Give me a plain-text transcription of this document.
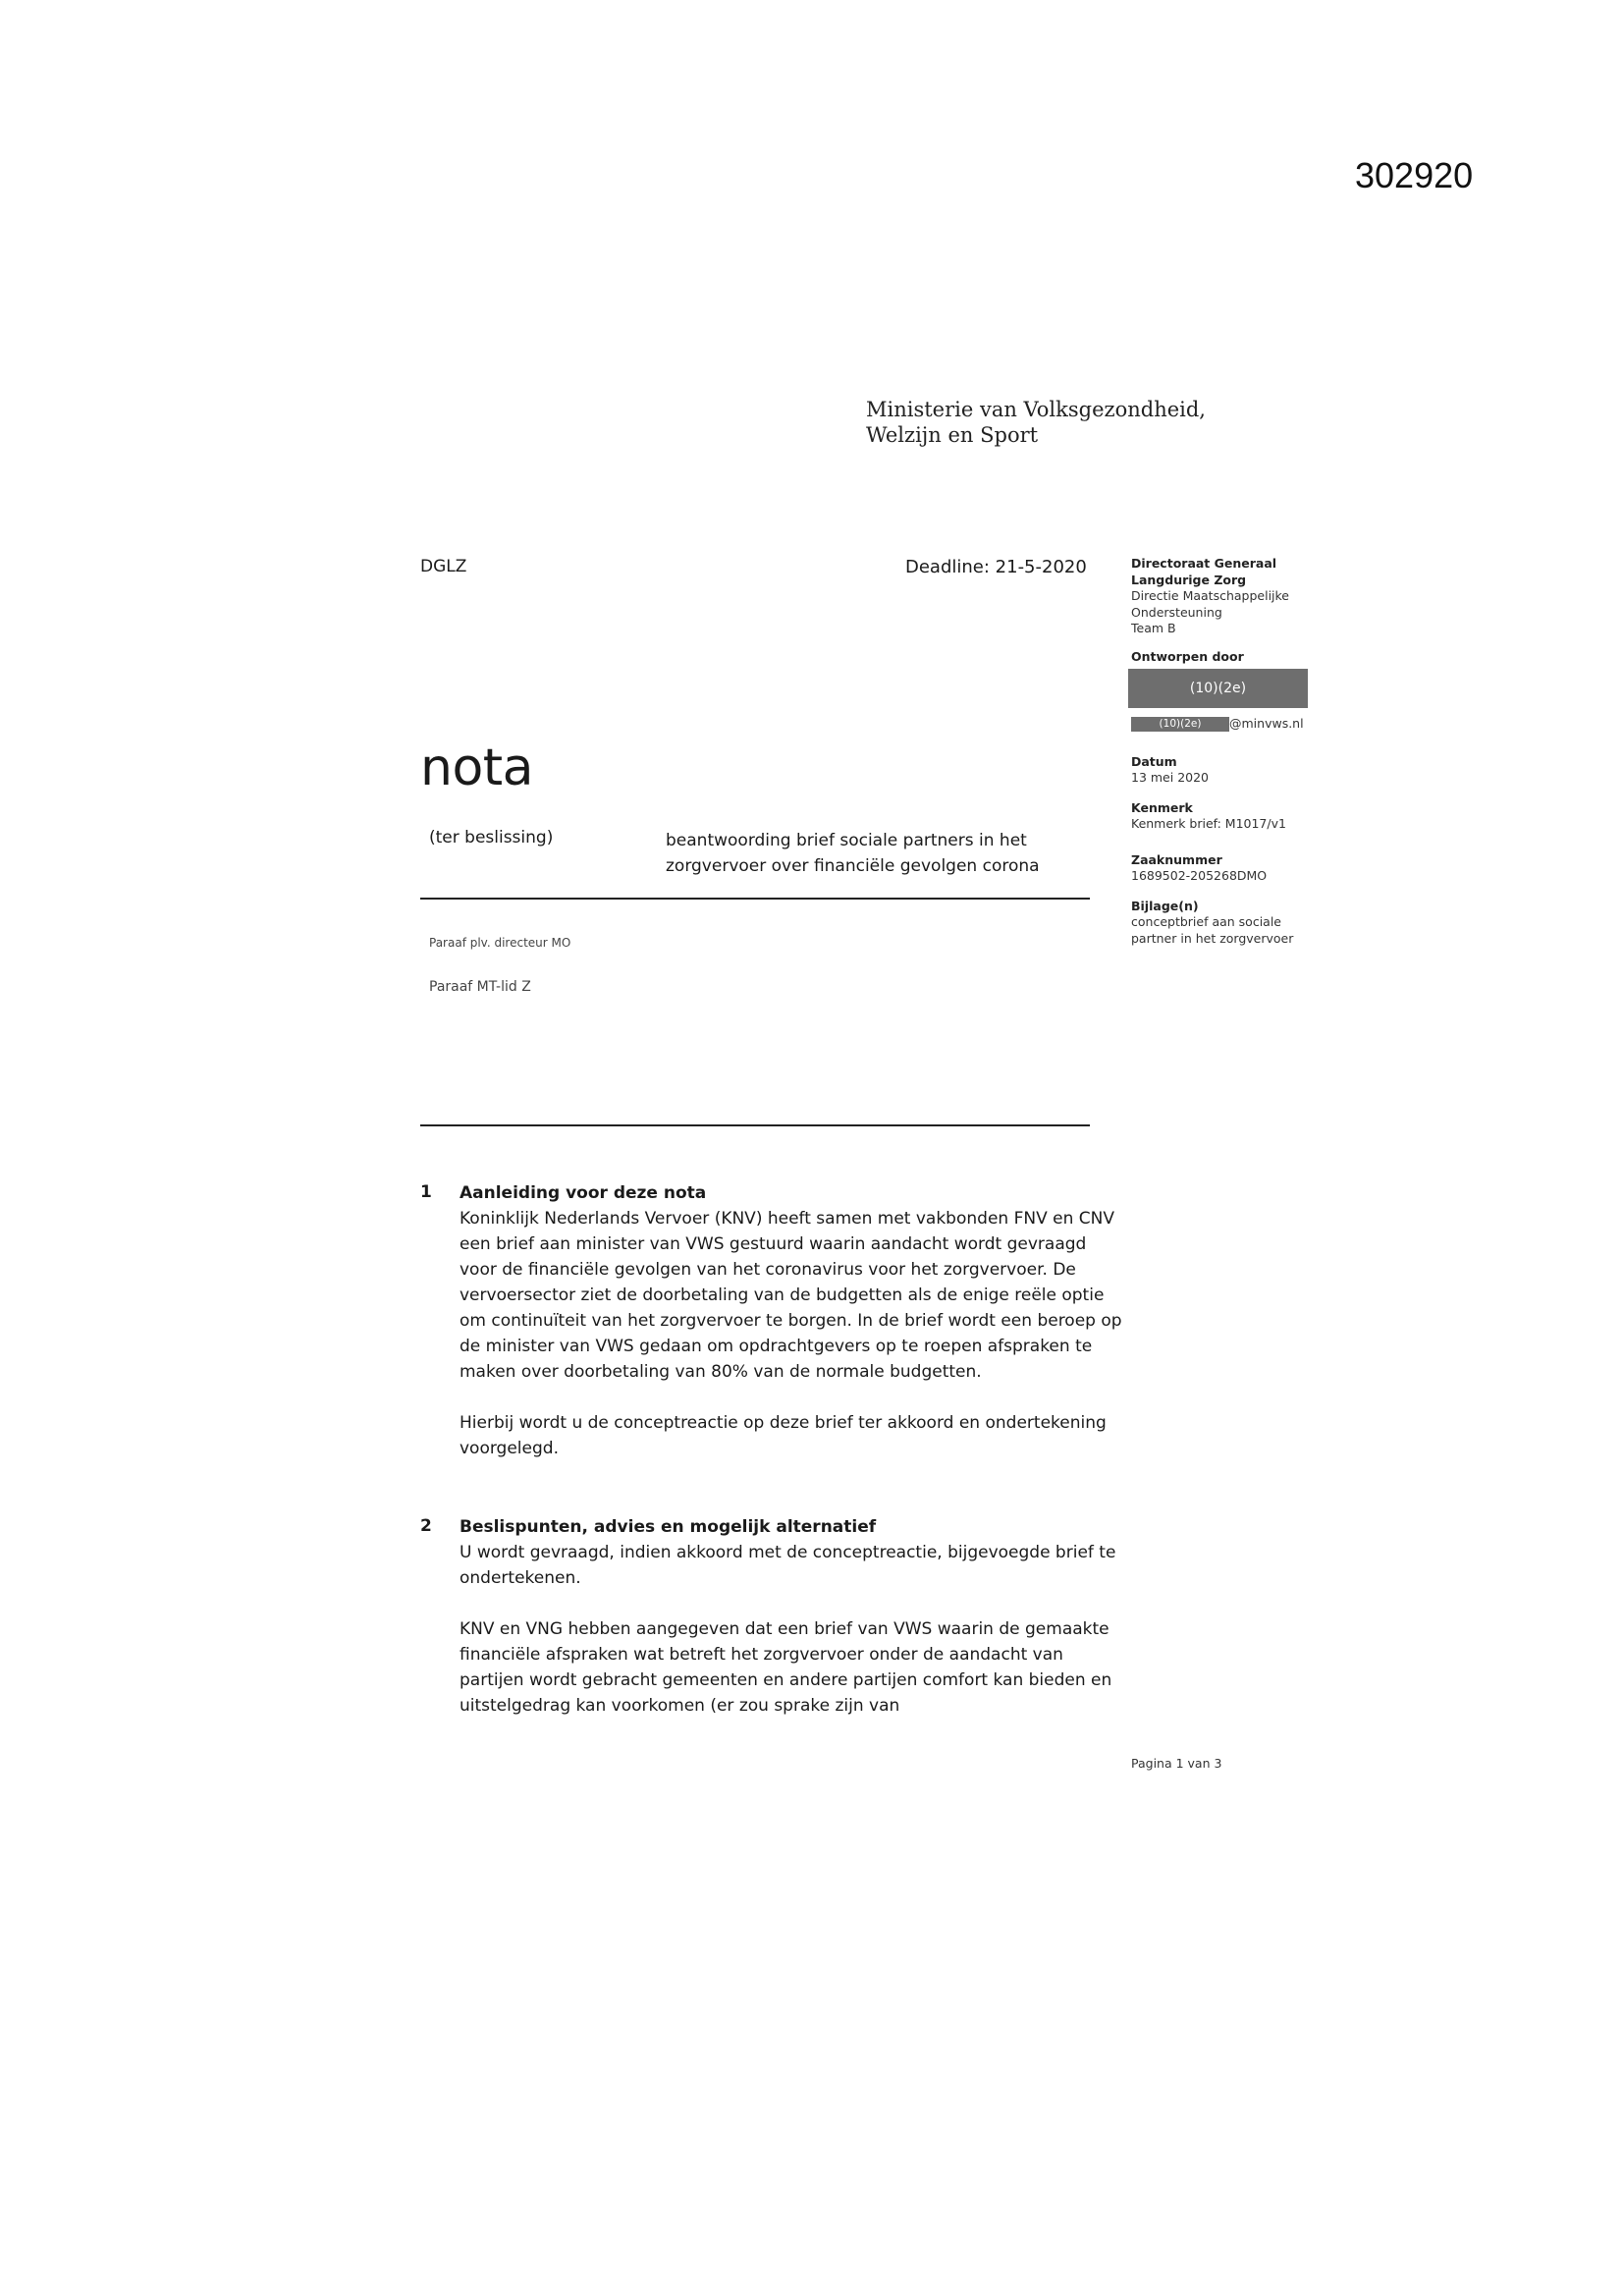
302920
Ministerie van Volksgezondheid,
Welzijn en Sport
DGLZ	Deadline: 21-5-2020	Directoraat Generaal
Langdurige Zorg
Directie Maatschappelijke
Ondersteuning
Team B
Ontworpen door
(10)(2e)
(10)(2e)	@minvws.nl
Datum
13 mei 2020
Kenmerk
Kenmerk brief: M1017/v1
Zaaknummer
1689502-205268DMO
Bijlage(n)
conceptbrief aan sociale
partner in het zorgvervoer
nota
(ter beslissing)	beantwoording brief sociale partners in het
zorgvervoer over financiële gevolgen corona
Paraaf plv. directeur MO
Paraaf MT-lid Z
1 Aanleiding voor deze nota

Koninklijk Nederlands Vervoer (KNV) heeft samen met vakbonden FNV en CNV een brief aan minister van VWS gestuurd waarin aandacht wordt gevraagd voor de financiële gevolgen van het coronavirus voor het zorgvervoer. De vervoersector ziet de doorbetaling van de budgetten als de enige reële optie om continuïteit van het zorgvervoer te borgen. In de brief wordt een beroep op de minister van VWS gedaan om opdrachtgevers op te roepen afspraken te maken over doorbetaling van 80% van de normale budgetten.

Hierbij wordt u de conceptreactie op deze brief ter akkoord en ondertekening voorgelegd.

2 Beslispunten, advies en mogelijk alternatief

U wordt gevraagd, indien akkoord met de conceptreactie, bijgevoegde brief te ondertekenen.

KNV en VNG hebben aangegeven dat een brief van VWS waarin de gemaakte financiële afspraken wat betreft het zorgvervoer onder de aandacht van partijen wordt gebracht gemeenten en andere partijen comfort kan bieden en uitstelgedrag kan voorkomen (er zou sprake zijn van

Pagina 1 van 3
